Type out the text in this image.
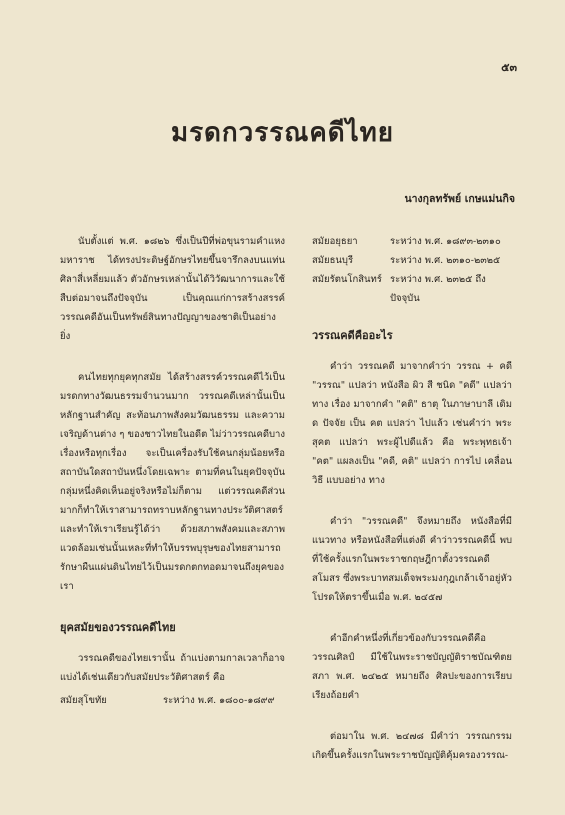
๕๓
มรดกวรรณคดีไทย
นางกุลทรัพย์ เกษแม่นกิจ

นับตั้งแต่ พ.ศ. ๑๘๒๖ ซึ่งเป็นปีที่พ่อขุนรามคำแหงมหาราช ได้ทรงประดิษฐ์อักษรไทยขึ้นจารึกลงบนแท่นศิลาสี่เหลี่ยมแล้ว ตัวอักษรเหล่านั้นได้วิวัฒนาการและใช้สืบต่อมาจนถึงปัจจุบัน เป็นคุณแก่การสร้างสรรค์วรรณคดีอันเป็นทรัพย์สินทางปัญญาของชาติเป็นอย่างยิ่ง

คนไทยทุกยุคทุกสมัย ได้สร้างสรรค์วรรณคดีไว้เป็นมรดกทางวัฒนธรรมจำนวนมาก วรรณคดีเหล่านั้นเป็นหลักฐานสำคัญ สะท้อนภาพสังคมวัฒนธรรม และความเจริญด้านต่าง ๆ ของชาวไทยในอดีต ไม่ว่าวรรณคดีบางเรื่องหรือทุกเรื่อง จะเป็นเครื่องรับใช้คนกลุ่มน้อยหรือสถาบันใดสถาบันหนึ่งโดยเฉพาะ ตามที่คนในยุคปัจจุบันกลุ่มหนึ่งคิดเห็นอยู่จริงหรือไม่ก็ตาม แต่วรรณคดีส่วนมากก็ทำให้เราสามารถทราบหลักฐานทางประวัติศาสตร์และทำให้เราเรียนรู้ได้ว่า ด้วยสภาพสังคมและสภาพแวดล้อมเช่นนั้นเหละที่ทำให้บรรพบุรุษของไทยสามารถรักษาผืนแผ่นดินไทยไว้เป็นมรดกตกทอดมาจนถึงยุคของเรา

ยุคสมัยของวรรณคดีไทย

วรรณคดีของไทยเรานั้น ถ้าแบ่งตามกาลเวลาก็อาจแบ่งได้เช่นเดียวกับสมัยประวัติศาสตร์ คือ

สมัยสุโขทัย	ระหว่าง พ.ศ. ๑๘๐๐-๑๘๙๙
สมัยอยุธยา	ระหว่าง พ.ศ. ๑๘๙๓-๒๓๑๐
สมัยธนบุรี	ระหว่าง พ.ศ. ๒๓๑๐-๒๓๒๕
สมัยรัตนโกสินทร์ ระหว่าง พ.ศ. ๒๓๒๕ ถึง
ปัจจุบัน
วรรณคดีคืออะไร

คำว่า วรรณคดี มาจากคำว่า วรรณ + คดี "วรรณ" แปลว่า หนังสือ ผิว สี ชนิด "คดี" แปลว่า ทาง เรื่อง มาจากคำ "คติ" ธาตุ ในภาษาบาลี เดิม ด ปัจจัย เป็น คต แปลว่า ไปแล้ว เช่นคำว่า พระสุคต แปลว่า พระผู้ไปดีแล้ว คือ พระพุทธเจ้า "คต" แผลงเป็น "คดี, คติ" แปลว่า การไป เคลื่อน วิธี แบบอย่าง ทาง

คำว่า "วรรณคดี" จึงหมายถึง หนังสือที่มีแนวทาง หรือหนังสือที่แต่งดี คำว่าวรรณคดีนี้ พบที่ใช้ครั้งแรกในพระราชกฤษฎีกาตั้งวรรณคดีสโมสร ซึ่งพระบาทสมเด็จพระมงกุฎเกล้าเจ้าอยู่หัวโปรดให้ตราขึ้นเมื่อ พ.ศ. ๒๔๕๗

คำอีกคำหนึ่งที่เกี่ยวข้องกับวรรณคดีคือ วรรณศิลป์ มีใช้ในพระราชบัญญัติราชบัณฑิตยสภา พ.ศ. ๒๔๒๕ หมายถึง ศิลปะของการเรียบเรียงถ้อยคำ

ต่อมาใน พ.ศ. ๒๔๗๘ มีคำว่า วรรณกรรม เกิดขึ้นครั้งแรกในพระราชบัญญัติคุ้มครองวรรณ-
